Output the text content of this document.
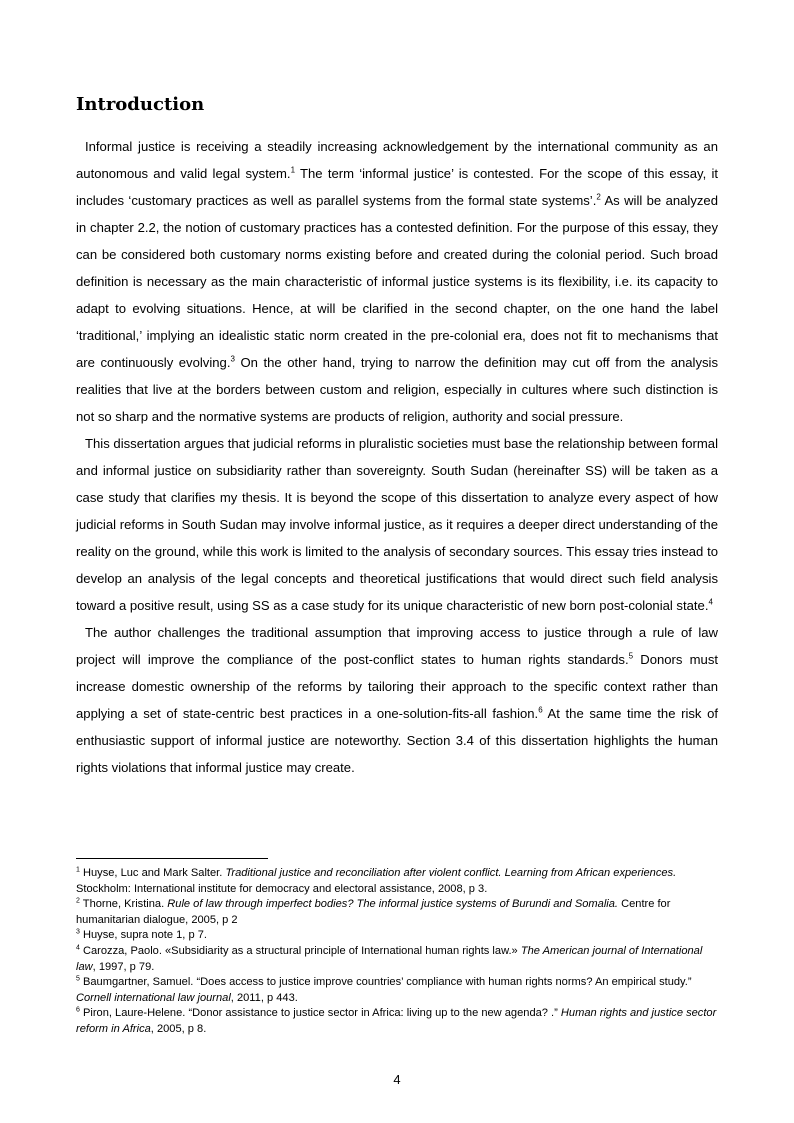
Introduction

Informal justice is receiving a steadily increasing acknowledgement by the international community as an autonomous and valid legal system.$^1$ The term ‘informal justice’ is contested. For the scope of this essay, it includes ‘customary practices as well as parallel systems from the formal state systems’.$^2$ As will be analyzed in chapter 2.2, the notion of customary practices has a contested definition. For the purpose of this essay, they can be considered both customary norms existing before and created during the colonial period. Such broad definition is necessary as the main characteristic of informal justice systems is its flexibility, i.e. its capacity to adapt to evolving situations. Hence, at will be clarified in the second chapter, on the one hand the label ‘traditional,’ implying an idealistic static norm created in the pre-colonial era, does not fit to mechanisms that are continuously evolving.$^3$ On the other hand, trying to narrow the definition may cut off from the analysis realities that live at the borders between custom and religion, especially in cultures where such distinction is not so sharp and the normative systems are products of religion, authority and social pressure.

This dissertation argues that judicial reforms in pluralistic societies must base the relationship between formal and informal justice on subsidiarity rather than sovereignty. South Sudan (hereinafter SS) will be taken as a case study that clarifies my thesis. It is beyond the scope of this dissertation to analyze every aspect of how judicial reforms in South Sudan may involve informal justice, as it requires a deeper direct understanding of the reality on the ground, while this work is limited to the analysis of secondary sources. This essay tries instead to develop an analysis of the legal concepts and theoretical justifications that would direct such field analysis toward a positive result, using SS as a case study for its unique characteristic of new born post-colonial state.$^4$

The author challenges the traditional assumption that improving access to justice through a rule of law project will improve the compliance of the post-conflict states to human rights standards.$^5$ Donors must increase domestic ownership of the reforms by tailoring their approach to the specific context rather than applying a set of state-centric best practices in a one-solution-fits-all fashion.$^6$ At the same time the risk of enthusiastic support of informal justice are noteworthy. Section 3.4 of this dissertation highlights the human rights violations that informal justice may create.

$^1$ Huyse, Luc and Mark Salter. Traditional justice and reconciliation after violent conflict. Learning from African experiences. Stockholm: International institute for democracy and electoral assistance, 2008, p 3.

$^2$ Thorne, Kristina. Rule of law through imperfect bodies? The informal justice systems of Burundi and Somalia. Centre for humanitarian dialogue, 2005, p 2

$^3$ Huyse, supra note 1, p 7.

$^4$ Carozza, Paolo. «Subsidiarity as a structural principle of International human rights law.» The American journal of International law, 1997, p 79.

$^5$ Baumgartner, Samuel. “Does access to justice improve countries’ compliance with human rights norms? An empirical study.” Cornell international law journal, 2011, p 443.

$^6$ Piron, Laure-Helene. “Donor assistance to justice sector in Africa: living up to the new agenda? .” Human rights and justice sector reform in Africa, 2005, p 8.

4
